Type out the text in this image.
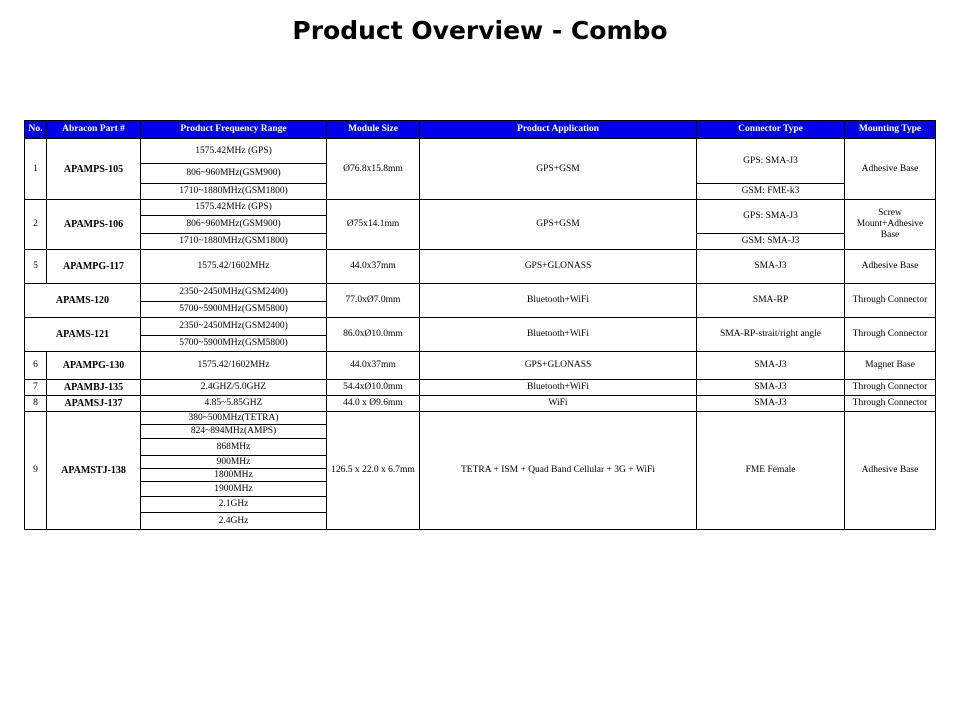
Product Overview - Combo
No.	Abracon Part #	Product Frequency Range	Module Size	Product Application	Connector Type	Mounting Type
1	APAMPS-105	1575.42MHz (GPS)	Ø76.8x15.8mm	GPS+GSM	GPS: SMA-J3	Adhesive Base
		806~960MHz(GSM900)				
		1710~1880MHz(GSM1800)			GSM: FME-k3	
2	APAMPS-106	1575.42MHz (GPS)	Ø75x14.1mm	GPS+GSM	GPS: SMA-J3	Screw Mount+Adhesive Base
		806~960MHz(GSM900)				
		1710~1880MHz(GSM1800)			GSM: SMA-J3	
5	APAMPG-117	1575.42/1602MHz	44.0x37mm	GPS+GLONASS	SMA-J3	Adhesive Base
APAMS-120		2350~2450MHz(GSM2400)	77.0xØ7.0mm	Bluetooth+WiFi	SMA-RP	Through Connector
		5700~5900MHz(GSM5800)				
APAMS-121		2350~2450MHz(GSM2400)	86.0xØ10.0mm	Bluetooth+WiFi	SMA-RP-strait/right angle	Through Connector
		5700~5900MHz(GSM5800)				
6	APAMPG-130	1575.42/1602MHz	44.0x37mm	GPS+GLONASS	SMA-J3	Magnet Base
7	APAMBJ-135	2.4GHZ/5.0GHZ	54.4xØ10.0mm	Bluetooth+WiFi	SMA-J3	Through Connector
8	APAMSJ-137	4.85~5.85GHZ	44.0 x Ø9.6mm	WiFi	SMA-J3	Through Connector
9	APAMSTJ-138	380~500MHz(TETRA)	126.5 x 22.0 x 6.7mm	TETRA + ISM + Quad Band Cellular + 3G + WiFi	FME Female	Adhesive Base
		824~894MHz(AMPS)				
		868MHz				
		900MHz				
		1800MHz				
		1900MHz				
		2.1GHz				
		2.4GHz				
